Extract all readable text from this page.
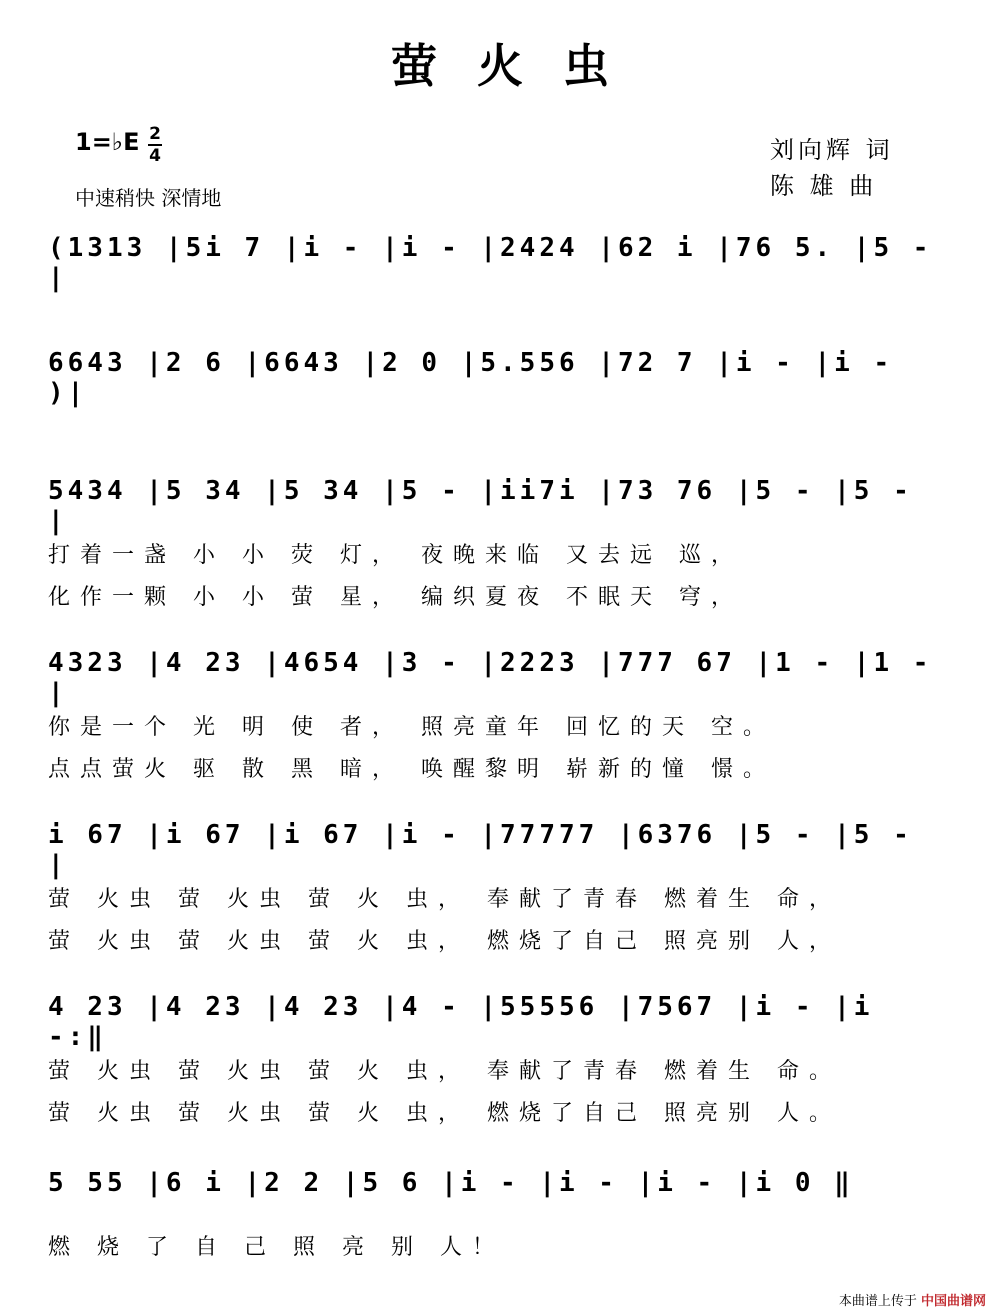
萤火虫
1=♭E 2
4
中速稍快 深情地
刘向辉 词
陈 雄 曲
(1313 |5i 7 |i - |i - |2424 |62 i |76 5. |5 - |
6643 |2 6 |6643 |2 0 |5.556 |72 7 |i - |i - )|
5434 |5 34 |5 34 |5 - |ii7i |73 76 |5 - |5 - |
打着一盏 小 小 荧 灯， 夜晚来临 又去远 巡，
化作一颗 小 小 萤 星， 编织夏夜 不眠天 穹，
4323 |4 23 |4654 |3 - |2223 |777 67 |1 - |1 - |
你是一个 光 明 使 者， 照亮童年 回忆的天 空。
点点萤火 驱 散 黑 暗， 唤醒黎明 崭新的憧 憬。
i 67 |i 67 |i 67 |i - |77777 |6376 |5 - |5 - |
萤 火虫 萤 火虫 萤 火 虫， 奉献了青春 燃着生 命，
萤 火虫 萤 火虫 萤 火 虫， 燃烧了自己 照亮别 人，
4 23 |4 23 |4 23 |4 - |55556 |7567 |i - |i -:‖
萤 火虫 萤 火虫 萤 火 虫， 奉献了青春 燃着生 命。
萤 火虫 萤 火虫 萤 火 虫， 燃烧了自己 照亮别 人。
5 55 |6 i |2 2 |5 6 |i - |i - |i - |i 0 ‖
燃 烧 了 自 己 照 亮 别 人！
本曲谱上传于 中国曲谱网
